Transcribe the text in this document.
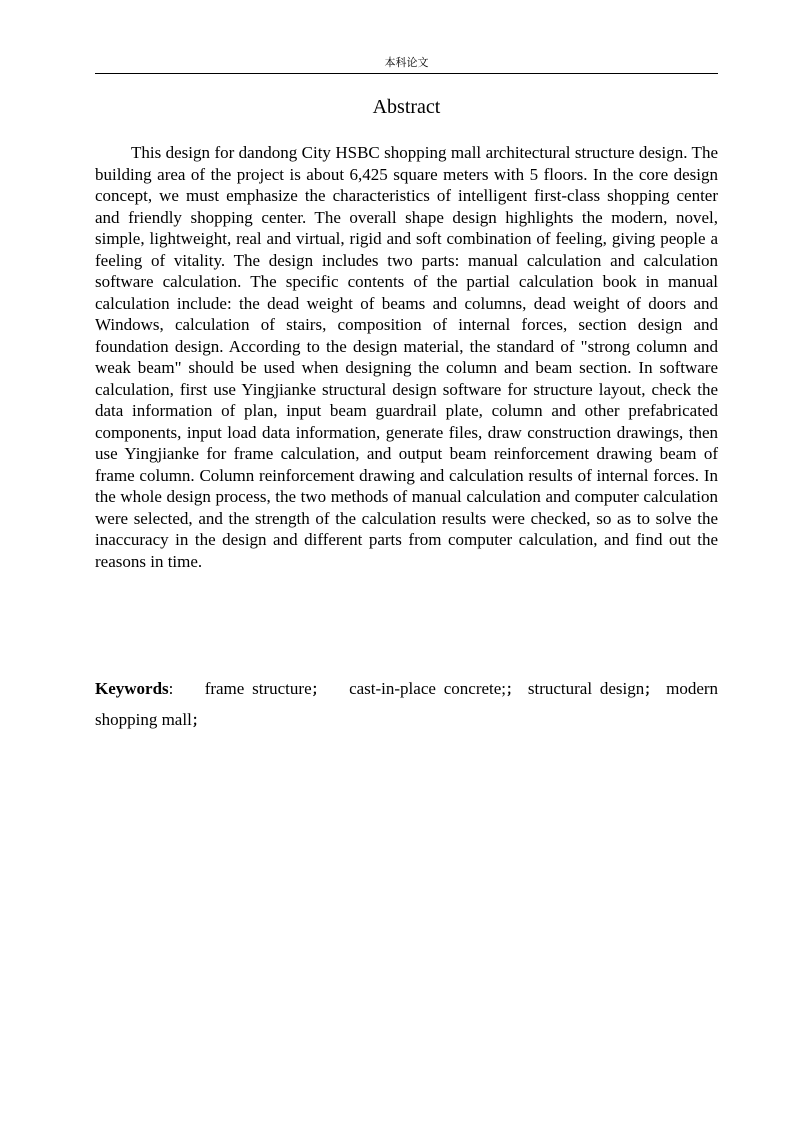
本科论文
Abstract

This design for dandong City HSBC shopping mall architectural structure design. The building area of the project is about 6,425 square meters with 5 floors. In the core design concept, we must emphasize the characteristics of intelligent first-class shopping center and friendly shopping center. The overall shape design highlights the modern, novel, simple, lightweight, real and virtual, rigid and soft combination of feeling, giving people a feeling of vitality. The design includes two parts: manual calculation and calculation software calculation. The specific contents of the partial calculation book in manual calculation include: the dead weight of beams and columns, dead weight of doors and Windows, calculation of stairs, composition of internal forces, section design and foundation design. According to the design material, the standard of "strong column and weak beam" should be used when designing the column and beam section. In software calculation, first use Yingjianke structural design software for structure layout, check the data information of plan, input beam guardrail plate, column and other prefabricated components, input load data information, generate files, draw construction drawings, then use Yingjianke for frame calculation, and output beam reinforcement drawing beam of frame column. Column reinforcement drawing and calculation results of internal forces. In the whole design process, the two methods of manual calculation and computer calculation were selected, and the strength of the calculation results were checked, so as to solve the inaccuracy in the design and different parts from computer calculation, and find out the reasons in time.

Keywords: frame structure； cast-in-place concrete;； structural design； modern shopping mall；
